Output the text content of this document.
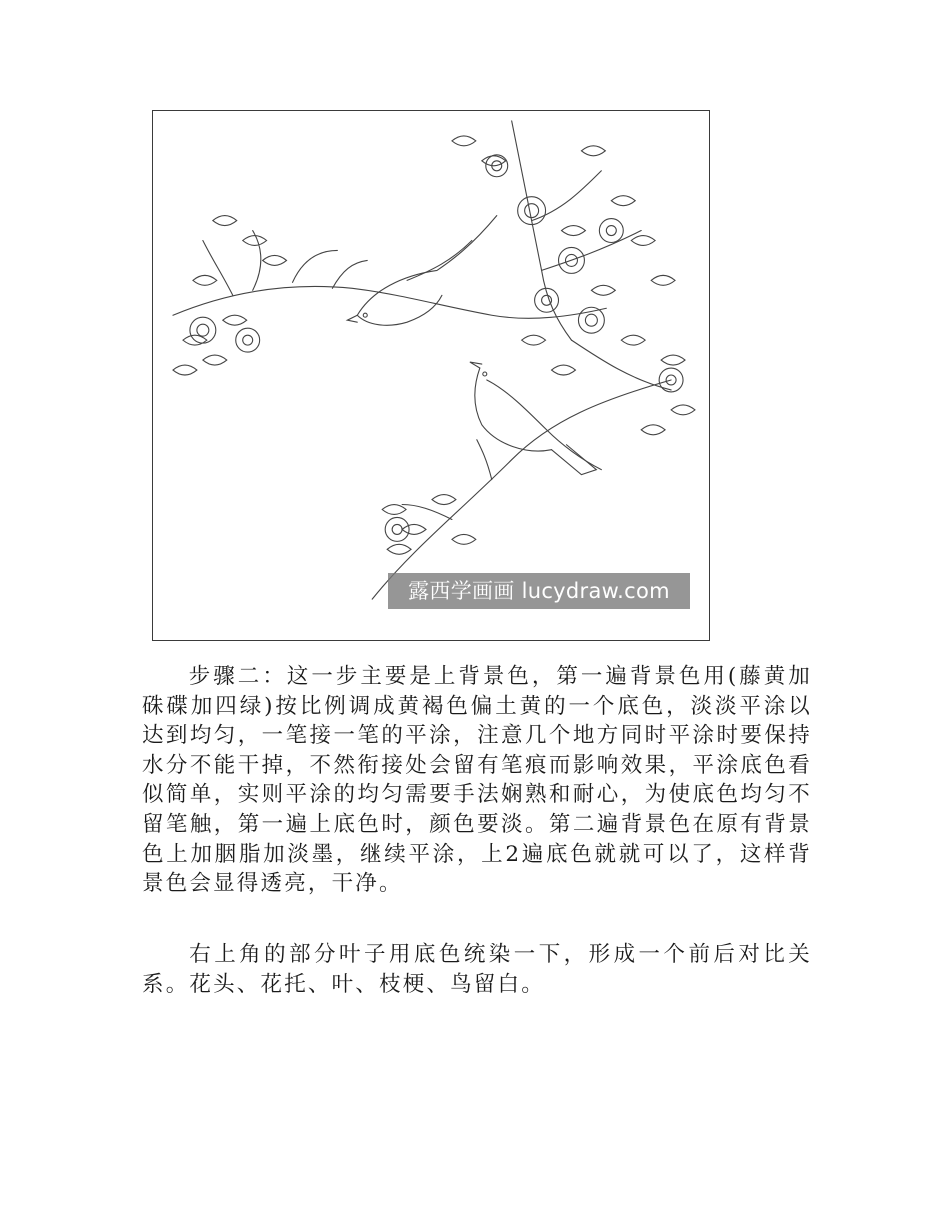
露西学画画 lucydraw.com

步骤二：这一步主要是上背景色，第一遍背景色用(藤黄加硃碟加四绿)按比例调成黄褐色偏土黄的一个底色，淡淡平涂以达到均匀，一笔接一笔的平涂，注意几个地方同时平涂时要保持水分不能干掉，不然衔接处会留有笔痕而影响效果，平涂底色看似简单，实则平涂的均匀需要手法娴熟和耐心，为使底色均匀不留笔触，第一遍上底色时，颜色要淡。第二遍背景色在原有背景色上加胭脂加淡墨，继续平涂，上2遍底色就就可以了，这样背景色会显得透亮，干净。

右上角的部分叶子用底色统染一下，形成一个前后对比关系。花头、花托、叶、枝梗、鸟留白。
